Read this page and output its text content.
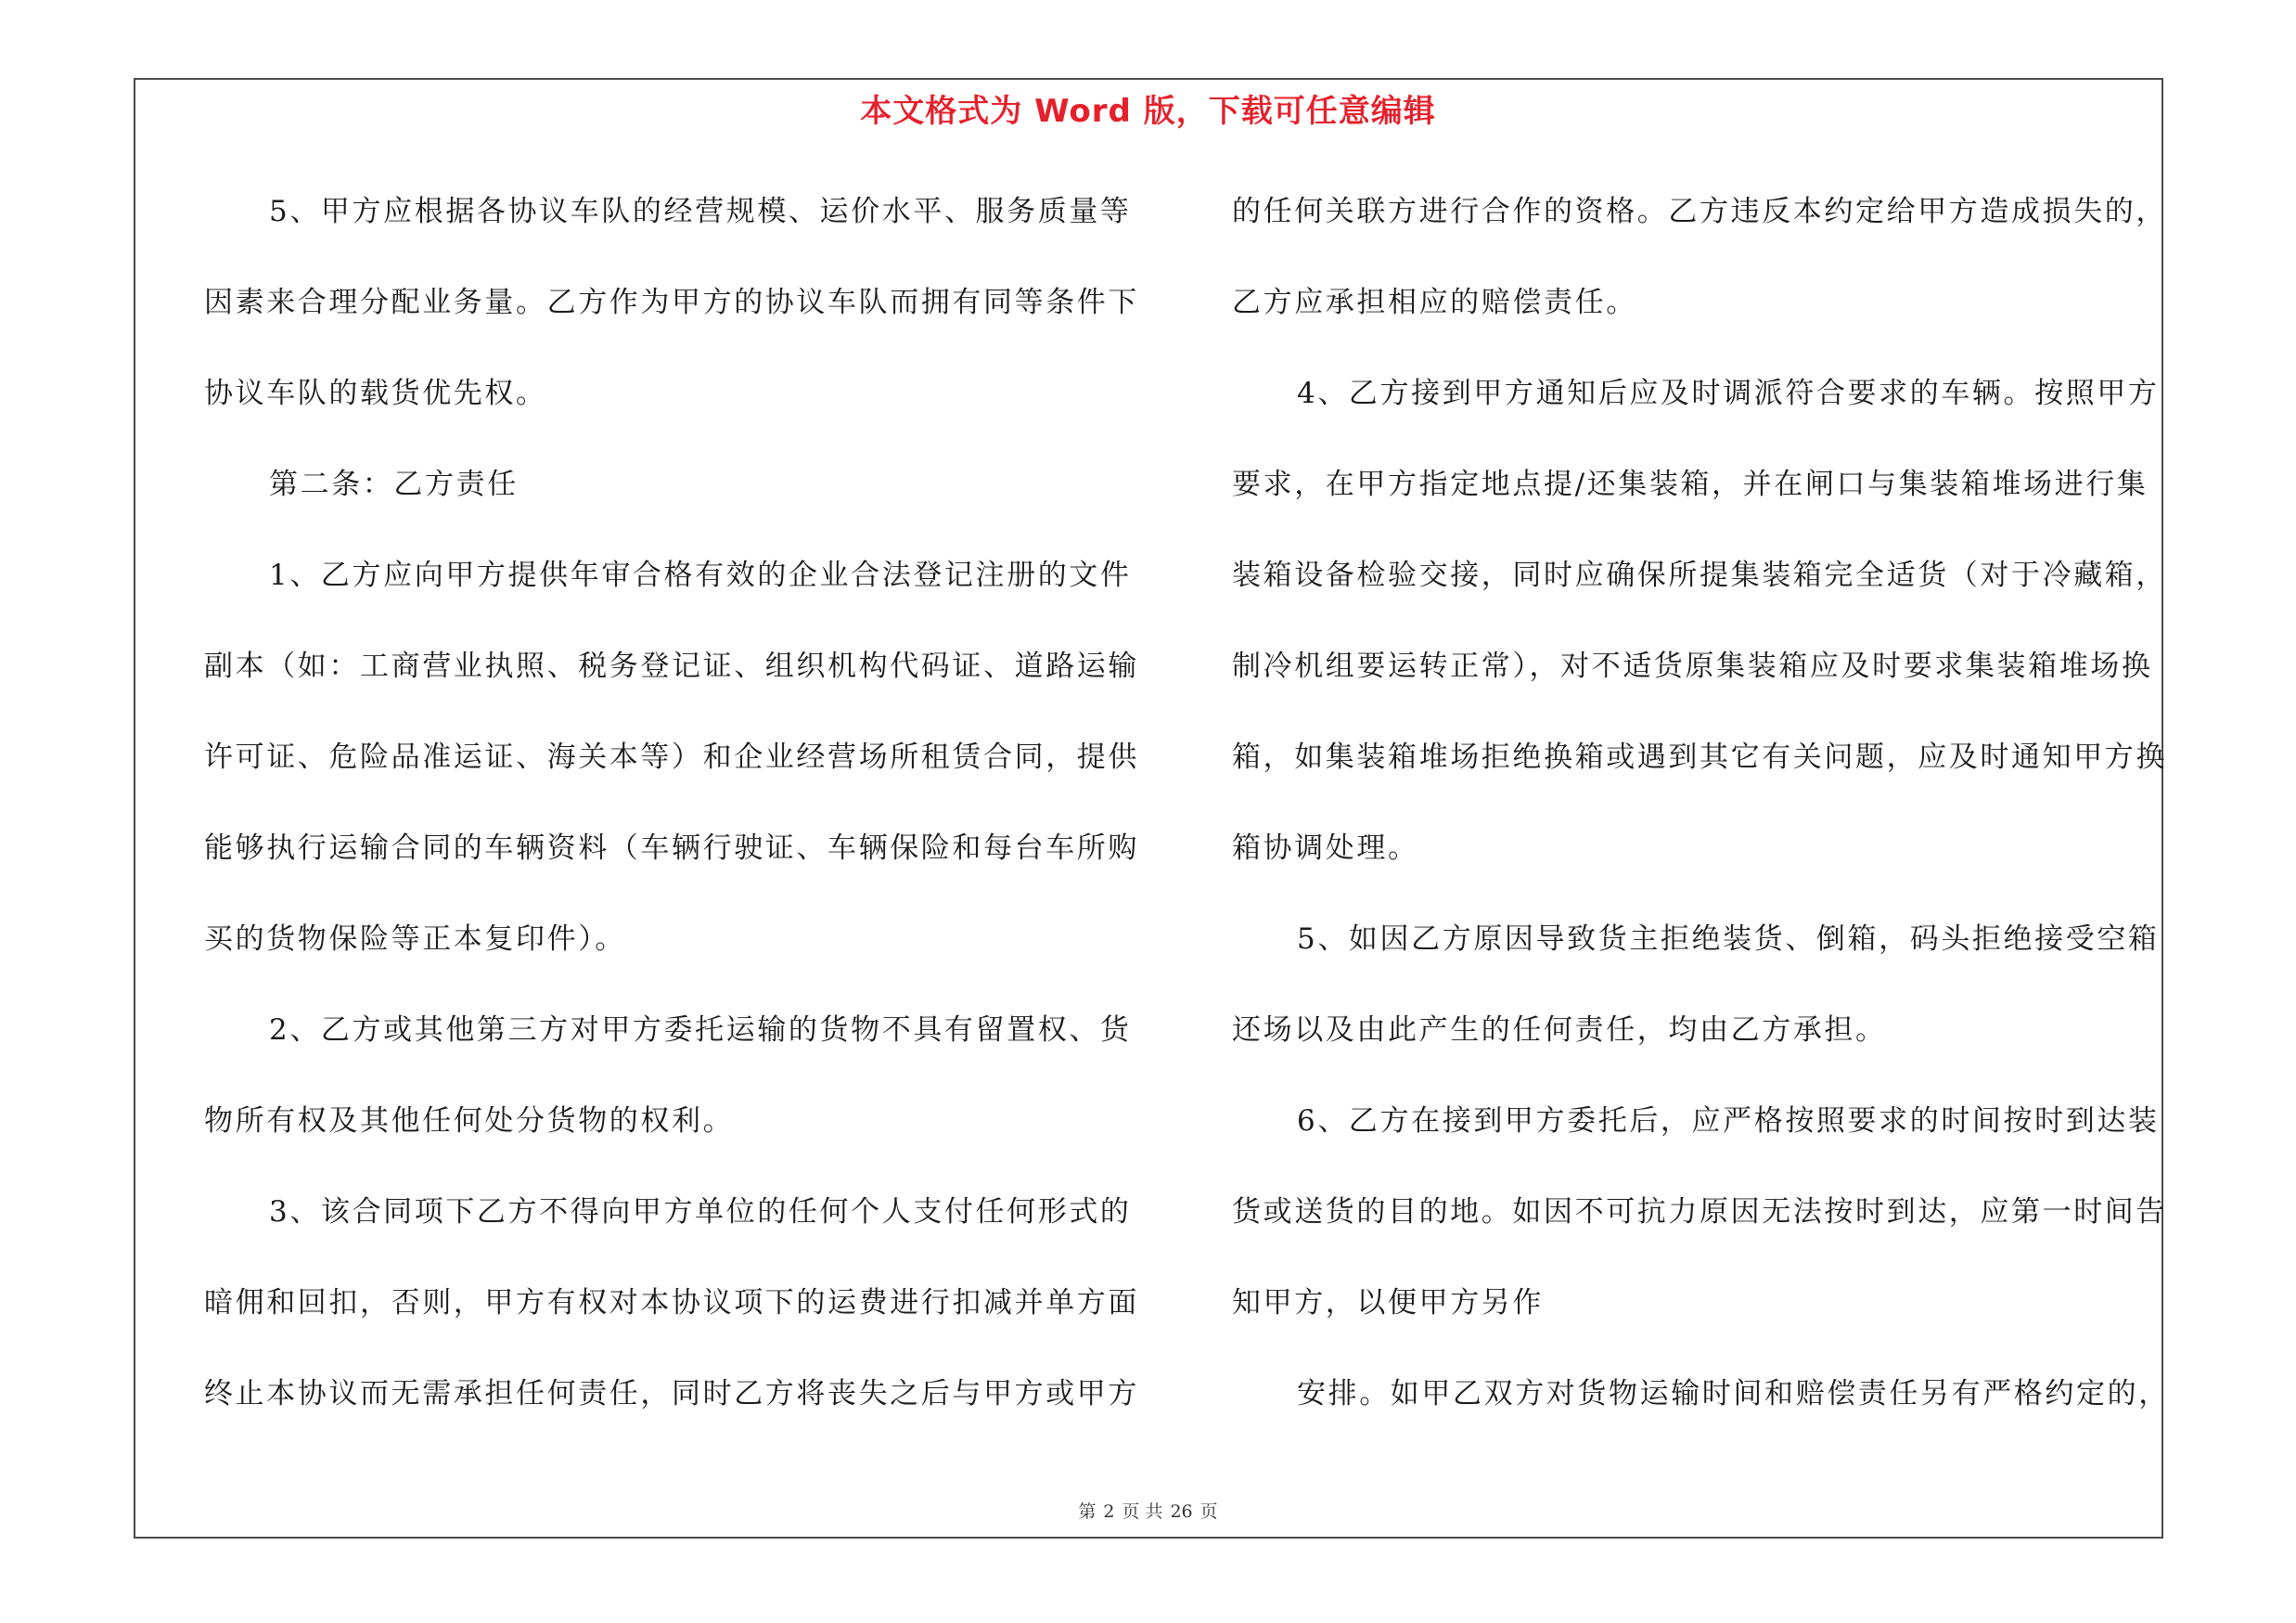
本文格式为 Word 版，下载可任意编辑
5、甲方应根据各协议车队的经营规模、运价水平、服务质量等
因素来合理分配业务量。乙方作为甲方的协议车队而拥有同等条件下
协议车队的载货优先权。
第二条：乙方责任
1、乙方应向甲方提供年审合格有效的企业合法登记注册的文件
副本（如：工商营业执照、税务登记证、组织机构代码证、道路运输
许可证、危险品准运证、海关本等）和企业经营场所租赁合同，提供
能够执行运输合同的车辆资料（车辆行驶证、车辆保险和每台车所购
买的货物保险等正本复印件）。
2、乙方或其他第三方对甲方委托运输的货物不具有留置权、货
物所有权及其他任何处分货物的权利。
3、该合同项下乙方不得向甲方单位的任何个人支付任何形式的
暗佣和回扣，否则，甲方有权对本协议项下的运费进行扣减并单方面
终止本协议而无需承担任何责任，同时乙方将丧失之后与甲方或甲方
的任何关联方进行合作的资格。乙方违反本约定给甲方造成损失的，
乙方应承担相应的赔偿责任。
4、乙方接到甲方通知后应及时调派符合要求的车辆。按照甲方
要求，在甲方指定地点提/还集装箱，并在闸口与集装箱堆场进行集
装箱设备检验交接，同时应确保所提集装箱完全适货（对于冷藏箱，
制冷机组要运转正常），对不适货原集装箱应及时要求集装箱堆场换
箱，如集装箱堆场拒绝换箱或遇到其它有关问题，应及时通知甲方换
箱协调处理。
5、如因乙方原因导致货主拒绝装货、倒箱，码头拒绝接受空箱
还场以及由此产生的任何责任，均由乙方承担。
6、乙方在接到甲方委托后，应严格按照要求的时间按时到达装
货或送货的目的地。如因不可抗力原因无法按时到达，应第一时间告
知甲方，以便甲方另作
安排。如甲乙双方对货物运输时间和赔偿责任另有严格约定的，
第 2 页 共 26 页
